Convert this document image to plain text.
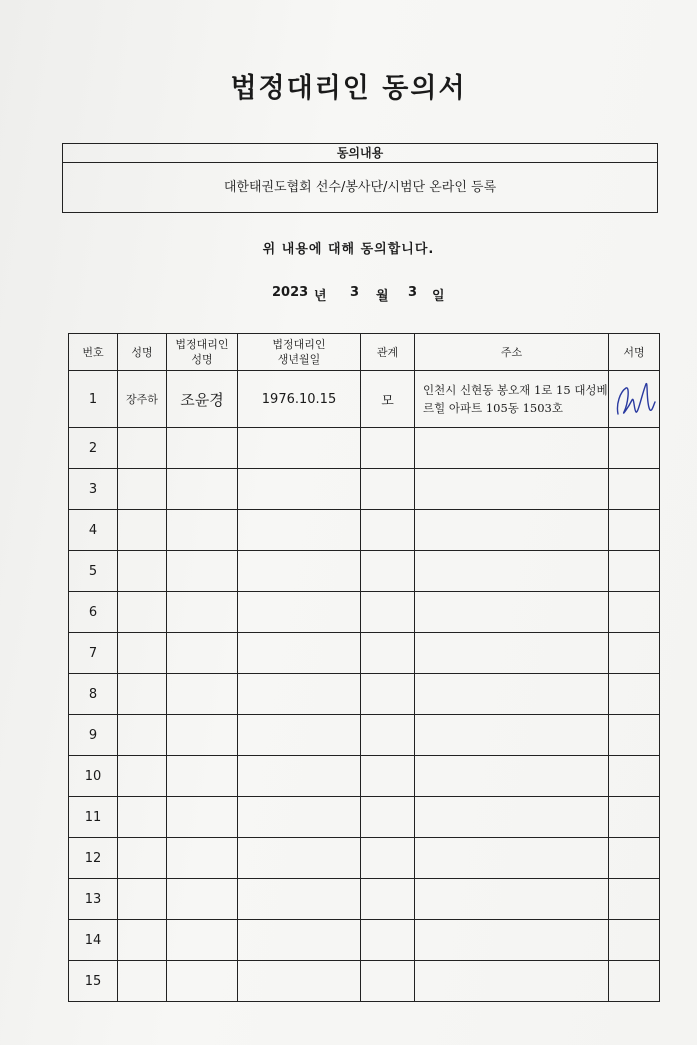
법정대리인 동의서
동의내용
대한태권도협회 선수/봉사단/시범단 온라인 등록
위 내용에 대해 동의합니다.
2023 년 3 월 3 일
번호	성명	법정대리인 성명	법정대리인 생년월일	관계	주소	서명
1	장주하	조윤경	1976.10.15	모	인천시 신현동 봉오재 1로 15 대성베르힐 아파트 105동 1503호	

2						
3						
4						
5						
6						
7						
8						
9						
10						
11						
12						
13						
14						
15						
